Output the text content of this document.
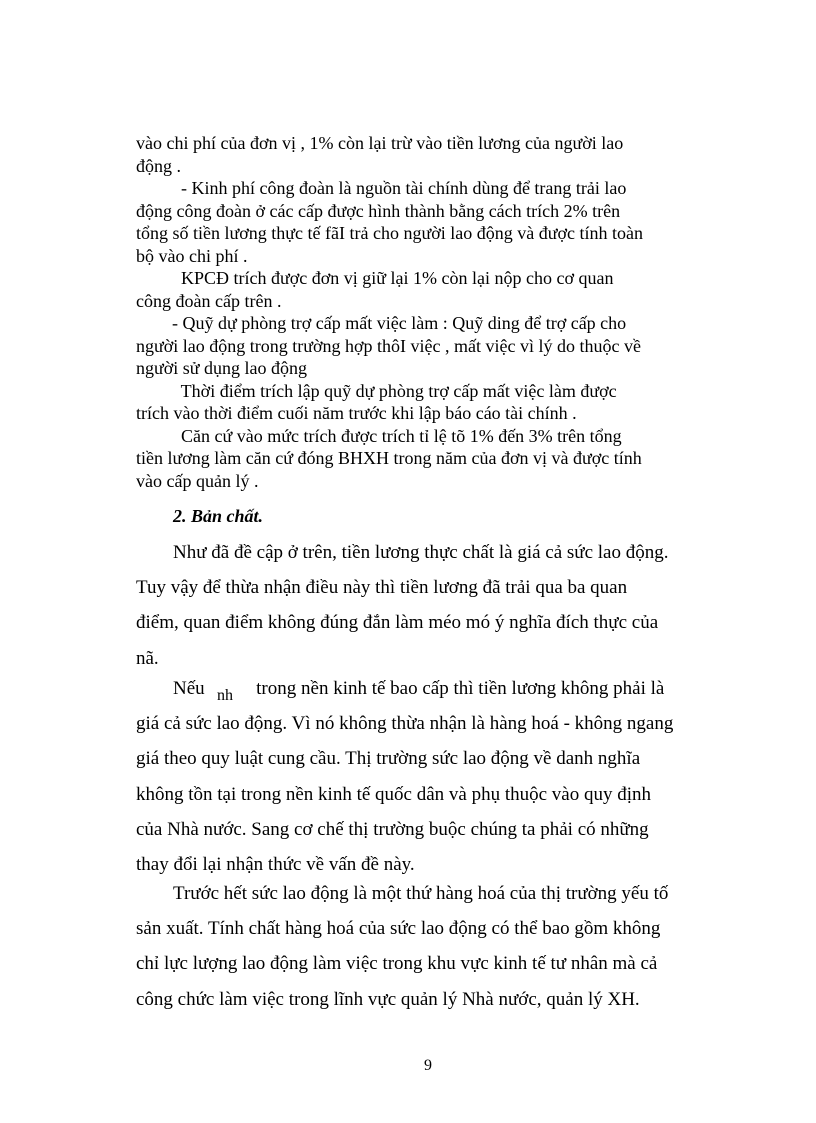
vào chi phí của đơn vị , 1% còn lại trừ vào tiền lương của người lao
động .
- Kinh phí công đoàn là nguồn tài chính dùng để trang trải lao
động công đoàn ở các cấp được hình thành bằng cách trích 2% trên
tổng số tiền lương thực tế fãI trả cho người lao động và được tính toàn
bộ vào chi phí .
KPCĐ trích được đơn vị giữ lại 1% còn lại nộp cho cơ quan
công đoàn cấp trên .
- Quỹ dự phòng trợ cấp mất việc làm : Quỹ ding để trợ cấp cho
người lao động trong trường hợp thôI việc , mất việc vì lý do thuộc về
người sử dụng lao động
Thời điểm trích lập quỹ dự phòng trợ cấp mất việc làm được
trích vào thời điểm cuối năm trước khi lập báo cáo tài chính .
Căn cứ vào mức trích được trích tỉ lệ tõ 1% đến 3% trên tổng
tiền lương làm căn cứ đóng BHXH trong năm của đơn vị và được tính
vào cấp quản lý .
2. Bản chất.
Như đã đề cập ở trên, tiền lương thực chất là giá cả sức lao động.
Tuy vậy để thừa nhận điều này thì tiền lương đã trải qua ba quan
điểm, quan điểm không đúng đắn làm méo mó ý nghĩa đích thực của
nã.
Nếu	trong nền kinh tế bao cấp thì tiền lương không phải là
giá cả sức lao động. Vì nó không thừa nhận là hàng hoá - không ngang
giá theo quy luật cung cầu. Thị trường sức lao động về danh nghĩa
không tồn tại trong nền kinh tế quốc dân và phụ thuộc vào quy định
của Nhà nước. Sang cơ chế thị trường buộc chúng ta phải có những
thay đổi lại nhận thức về vấn đề này.
nh
Trước hết sức lao động là một thứ hàng hoá của thị trường yếu tố
sản xuất. Tính chất hàng hoá của sức lao động có thể bao gồm không
chỉ lực lượng lao động làm việc trong khu vực kinh tế tư nhân mà cả
công chức làm việc trong lĩnh vực quản lý Nhà nước, quản lý XH.
9
